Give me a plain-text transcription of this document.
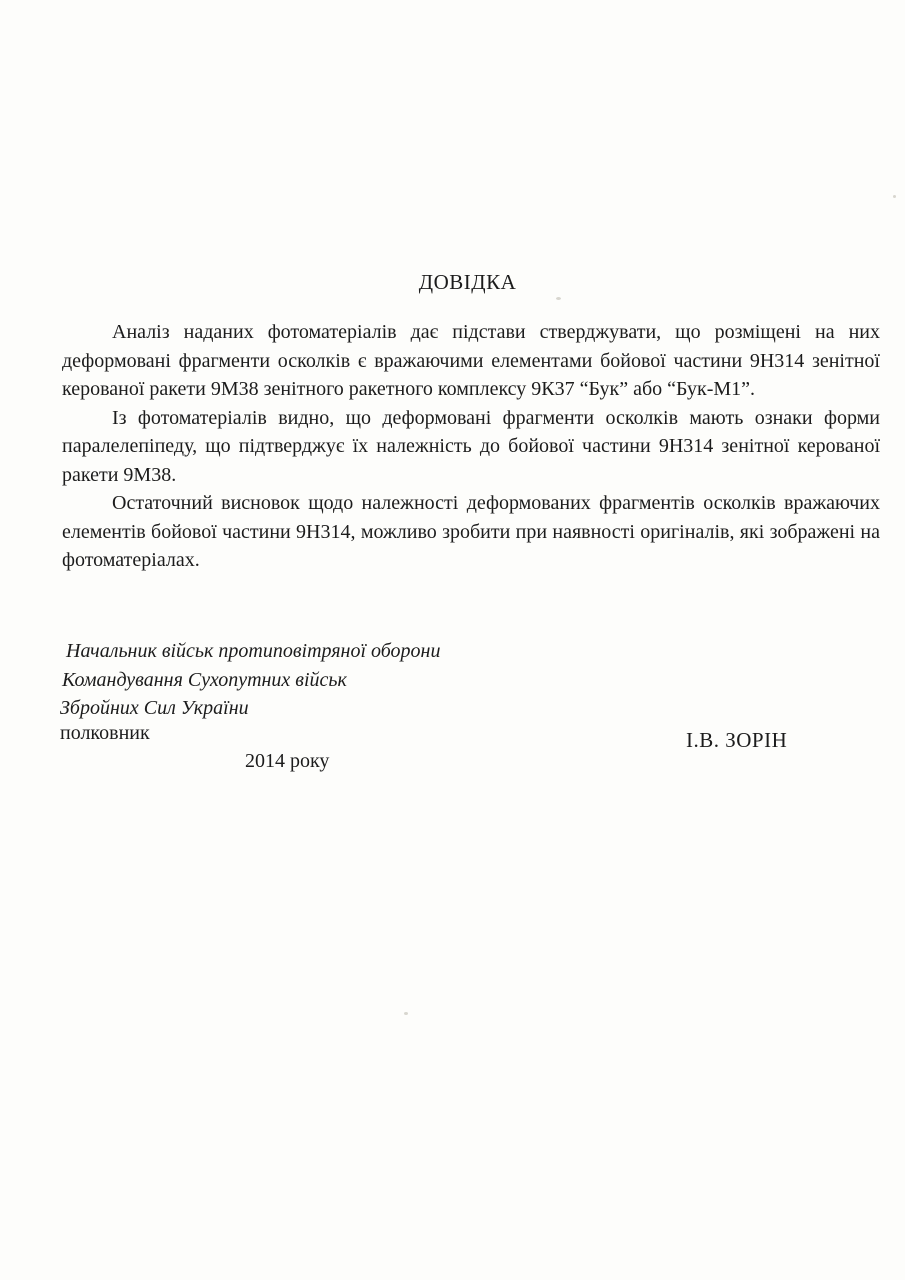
ДОВІДКА

Аналіз наданих фотоматеріалів дає підстави стверджувати, що розміщені на них деформовані фрагменти осколків є вражаючими елементами бойової частини 9Н314 зенітної керованої ракети 9М38 зенітного ракетного комплексу 9К37 “Бук” або “Бук-М1”.

Із фотоматеріалів видно, що деформовані фрагменти осколків мають ознаки форми паралелепіпеду, що підтверджує їх належність до бойової частини 9Н314 зенітної керованої ракети 9М38.

Остаточний висновок щодо належності деформованих фрагментів осколків вражаючих елементів бойової частини 9Н314, можливо зробити при наявності оригіналів, які зображені на фотоматеріалах.

Начальник військ протиповітряної оборони
Командування Сухопутних військ
Збройних Сил України
полковник	І.В. ЗОРІН
2014 року
